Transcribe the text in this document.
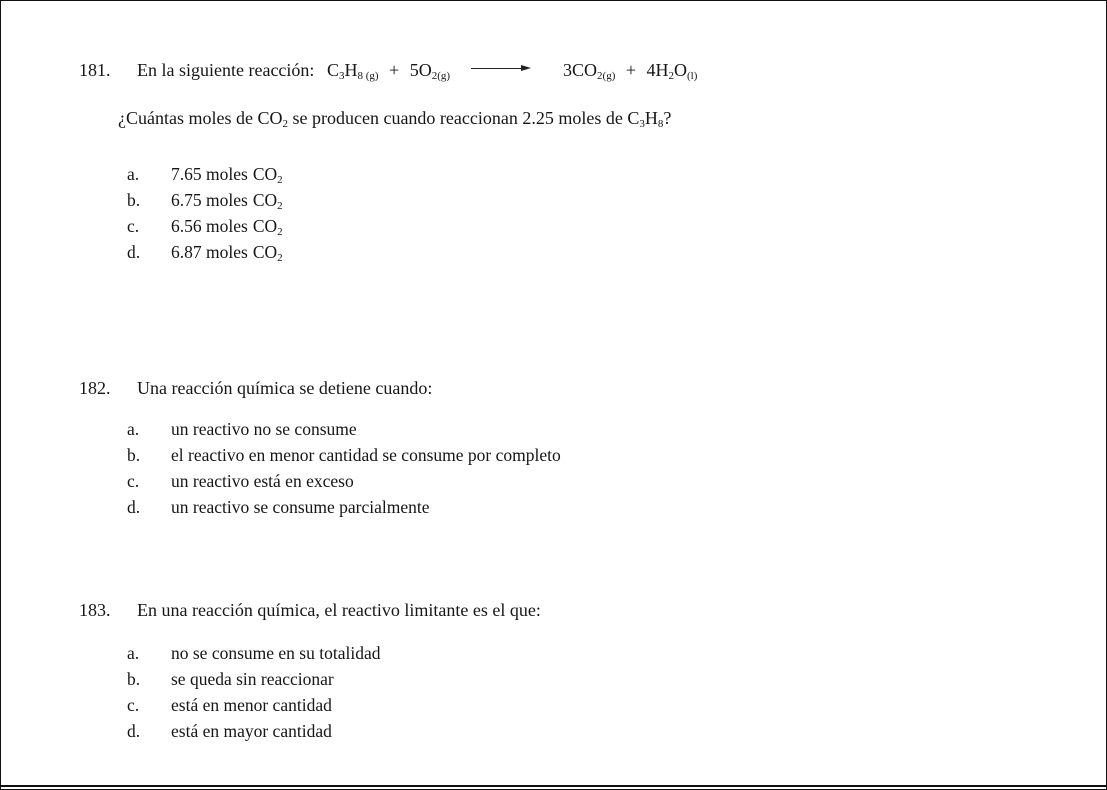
181. En la siguiente reacción: $C_3H_8$ $_{(g)} + 5O_{2(g)}$	$3CO_{2(g)} + 4H_2O_{(l)}$
¿Cuántas moles de $CO_2$ se producen cuando reaccionan 2.25 moles de $C_3H_8$?
a. 7.65 moles $CO_2$
b. 6.75 moles $CO_2$
c. 6.56 moles $CO_2$
d. 6.87 moles $CO_2$
182. Una reacción química se detiene cuando:
a. un reactivo no se consume
b. el reactivo en menor cantidad se consume por completo
c. un reactivo está en exceso
d. un reactivo se consume parcialmente
183. En una reacción química, el reactivo limitante es el que:
a. no se consume en su totalidad
b. se queda sin reaccionar
c. está en menor cantidad
d. está en mayor cantidad
